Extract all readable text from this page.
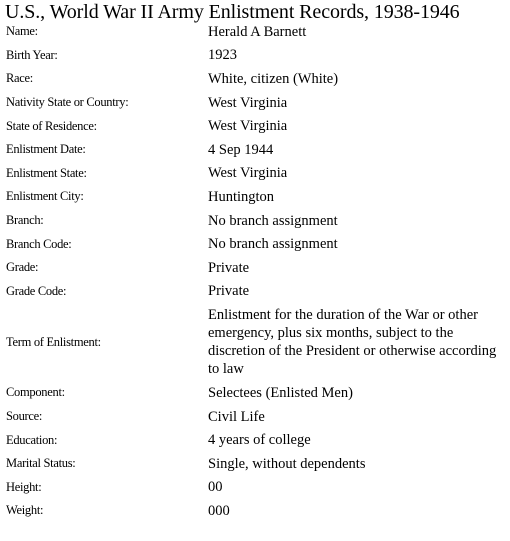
U.S., World War II Army Enlistment Records, 1938-1946
Name:	Herald A Barnett
Birth Year:	1923
Race:	White, citizen (White)
Nativity State or Country:	West Virginia
State of Residence:	West Virginia
Enlistment Date:	4 Sep 1944
Enlistment State:	West Virginia
Enlistment City:	Huntington
Branch:	No branch assignment
Branch Code:	No branch assignment
Grade:	Private
Grade Code:	Private
Term of Enlistment:	Enlistment for the duration of the War or other emergency, plus six months, subject to the discretion of the President or otherwise according to law
Component:	Selectees (Enlisted Men)
Source:	Civil Life
Education:	4 years of college
Marital Status:	Single, without dependents
Height:	00
Weight:	000
